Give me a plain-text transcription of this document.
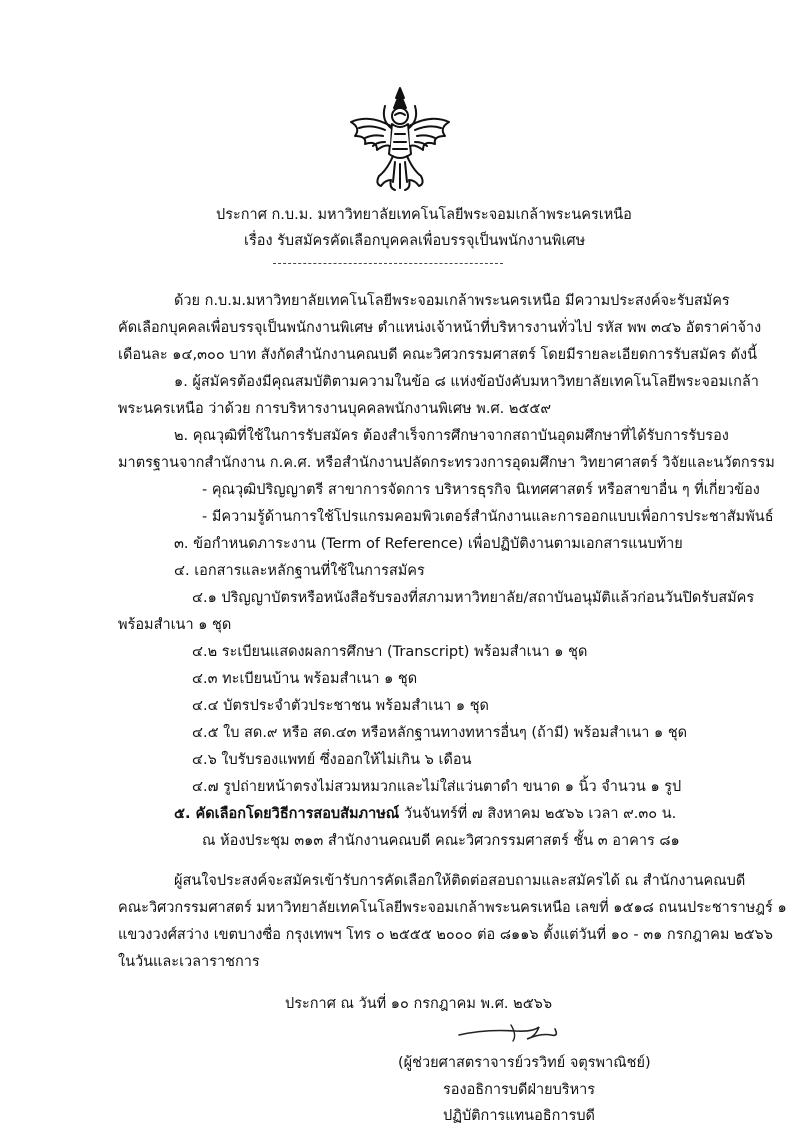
ประกาศ ก.บ.ม. มหาวิทยาลัยเทคโนโลยีพระจอมเกล้าพระนครเหนือ
เรื่อง รับสมัครคัดเลือกบุคคลเพื่อบรรจุเป็นพนักงานพิเศษ
ด้วย ก.บ.ม.มหาวิทยาลัยเทคโนโลยีพระจอมเกล้าพระนครเหนือ มีความประสงค์จะรับสมัคร
คัดเลือกบุคคลเพื่อบรรจุเป็นพนักงานพิเศษ ตำแหน่งเจ้าหน้าที่บริหารงานทั่วไป รหัส พพ ๓๔๖ อัตราค่าจ้าง
เดือนละ ๑๔,๓๐๐ บาท สังกัดสำนักงานคณบดี คณะวิศวกรรมศาสตร์ โดยมีรายละเอียดการรับสมัคร ดังนี้
๑. ผู้สมัครต้องมีคุณสมบัติตามความในข้อ ๘ แห่งข้อบังคับมหาวิทยาลัยเทคโนโลยีพระจอมเกล้า
พระนครเหนือ ว่าด้วย การบริหารงานบุคคลพนักงานพิเศษ พ.ศ. ๒๕๕๙
๒. คุณวุฒิที่ใช้ในการรับสมัคร ต้องสำเร็จการศึกษาจากสถาบันอุดมศึกษาที่ได้รับการรับรอง
มาตรฐานจากสำนักงาน ก.ค.ศ. หรือสำนักงานปลัดกระทรวงการอุดมศึกษา วิทยาศาสตร์ วิจัยและนวัตกรรม
- คุณวุฒิปริญญาตรี สาขาการจัดการ บริหารธุรกิจ นิเทศศาสตร์ หรือสาขาอื่น ๆ ที่เกี่ยวข้อง
- มีความรู้ด้านการใช้โปรแกรมคอมพิวเตอร์สำนักงานและการออกแบบเพื่อการประชาสัมพันธ์
๓. ข้อกำหนดภาระงาน (Term of Reference) เพื่อปฏิบัติงานตามเอกสารแนบท้าย
๔. เอกสารและหลักฐานที่ใช้ในการสมัคร
๔.๑ ปริญญาบัตรหรือหนังสือรับรองที่สภามหาวิทยาลัย/สถาบันอนุมัติแล้วก่อนวันปิดรับสมัคร
พร้อมสำเนา ๑ ชุด
๔.๒ ระเบียนแสดงผลการศึกษา (Transcript) พร้อมสำเนา ๑ ชุด
๔.๓ ทะเบียนบ้าน พร้อมสำเนา ๑ ชุด
๔.๔ บัตรประจำตัวประชาชน พร้อมสำเนา ๑ ชุด
๔.๕ ใบ สด.๙ หรือ สด.๔๓ หรือหลักฐานทางทหารอื่นๆ (ถ้ามี) พร้อมสำเนา ๑ ชุด
๔.๖ ใบรับรองแพทย์ ซึ่งออกให้ไม่เกิน ๖ เดือน
๔.๗ รูปถ่ายหน้าตรงไม่สวมหมวกและไม่ใส่แว่นตาดำ ขนาด ๑ นิ้ว จำนวน ๑ รูป
๕. คัดเลือกโดยวิธีการสอบสัมภาษณ์ วันจันทร์ที่ ๗ สิงหาคม ๒๕๖๖ เวลา ๙.๓๐ น.
ณ ห้องประชุม ๓๑๓ สำนักงานคณบดี คณะวิศวกรรมศาสตร์ ชั้น ๓ อาคาร ๘๑
ผู้สนใจประสงค์จะสมัครเข้ารับการคัดเลือกให้ติดต่อสอบถามและสมัครได้ ณ สำนักงานคณบดี
คณะวิศวกรรมศาสตร์ มหาวิทยาลัยเทคโนโลยีพระจอมเกล้าพระนครเหนือ เลขที่ ๑๕๑๘ ถนนประชาราษฎร์ ๑
แขวงวงศ์สว่าง เขตบางซื่อ กรุงเทพฯ โทร ๐ ๒๕๕๕ ๒๐๐๐ ต่อ ๘๑๑๖ ตั้งแต่วันที่ ๑๐ - ๓๑ กรกฎาคม ๒๕๖๖
ในวันและเวลาราชการ
ประกาศ ณ วันที่ ๑๐ กรกฎาคม พ.ศ. ๒๕๖๖
(ผู้ช่วยศาสตราจารย์วรวิทย์ จตุรพาณิชย์)
รองอธิการบดีฝ่ายบริหาร
ปฏิบัติการแทนอธิการบดี
